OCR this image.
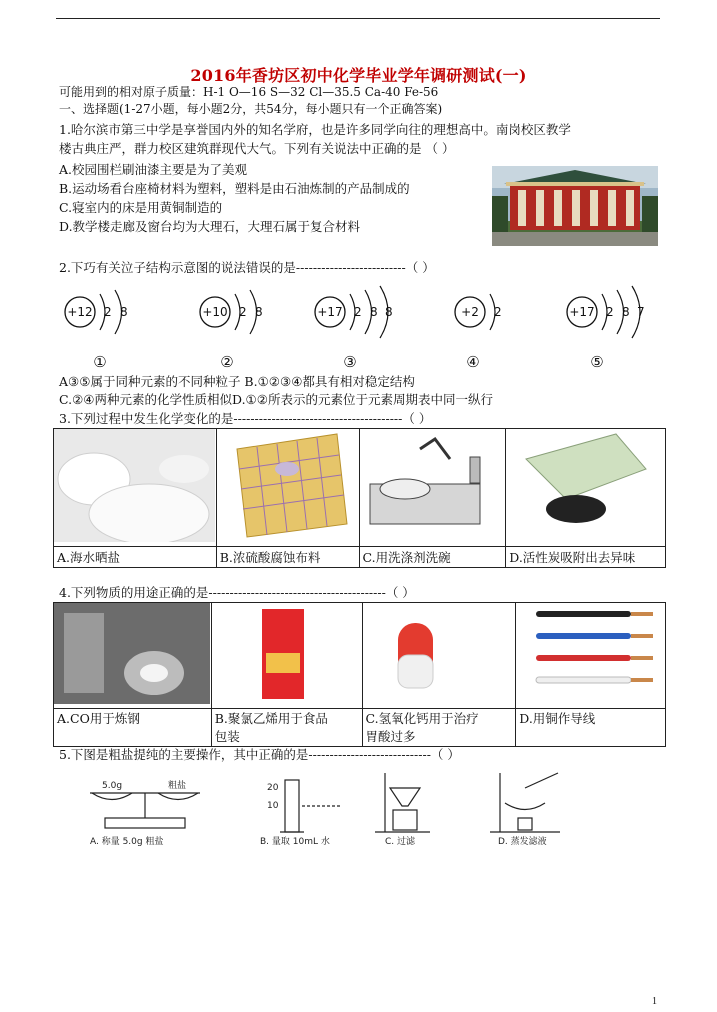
2016年香坊区初中化学毕业学年调研测试(一)
可能用到的相对原子质量：H-1 O—16 S—32 Cl—35.5 Ca-40 Fe-56
一、选择题(1-27小题，每小题2分，共54分，每小题只有一个正确答案)
1.哈尔滨市第三中学是享誉国内外的知名学府，也是许多同学向往的理想高中。南岗校区教学
楼古典庄严，群力校区建筑群现代大气。下列有关说法中正确的是 （ ）
A.校园围栏刷油漆主要是为了美观
B.运动场看台座椅材料为塑料，塑料是由石油炼制的产品制成的
C.寝室内的床是用黄铜制造的
D.教学楼走廊及窗台均为大理石，大理石属于复合材料
2.下巧有关泣子结构示意图的说法错误的是--------------------------（ ）
+12 2 8
①
+10 2 8
②
+17 2 8 8
③
+2 2
④
+17 2 8 7
⑤
A③⑤属于同种元素的不同种粒子 B.①②③④都具有相对稳定结构
C.②④两种元素的化学性质相似D.①②所表示的元素位于元素周期表中同一纵行
3.下列过程中发生化学变化的是----------------------------------------（ ）

A.海水晒盐	B.浓硫酸腐蚀布料	C.用洗涤剂洗碗	D.活性炭吸附出去异味
4.下列物质的用途正确的是------------------------------------------（ ）

A.CO用于炼钢	B.聚氯乙烯用于食品
包装	C.氢氧化钙用于治疗
胃酸过多	D.用铜作导线
5.下图是粗盐提纯的主要操作，其中正确的是-----------------------------（ ）
5.0g	粗盐
A. 称量 5.0g 粗盐
20
10
B. 量取 10mL 水	C. 过滤	D. 蒸发滤液
1
